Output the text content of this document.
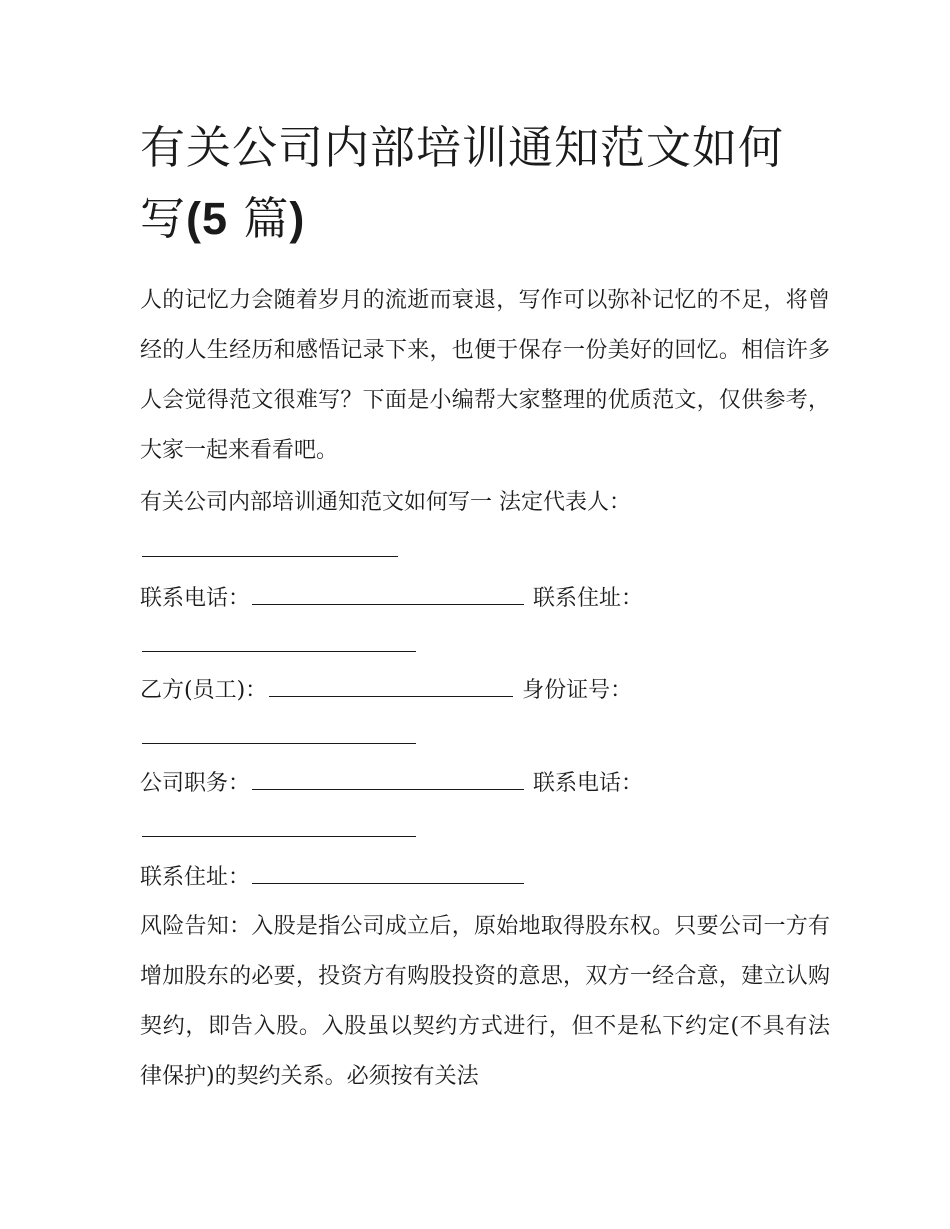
有关公司内部培训通知范文如何写(5 篇)

人的记忆力会随着岁月的流逝而衰退，写作可以弥补记忆的不足，将曾经的人生经历和感悟记录下来，也便于保存一份美好的回忆。相信许多人会觉得范文很难写？下面是小编帮大家整理的优质范文，仅供参考，大家一起来看看吧。

有关公司内部培训通知范文如何写一 法定代表人：
联系电话：	联系住址：
乙方(员工)：	身份证号：
公司职务：	联系电话：
联系住址：

风险告知：入股是指公司成立后，原始地取得股东权。只要公司一方有增加股东的必要，投资方有购股投资的意思，双方一经合意，建立认购契约，即告入股。入股虽以契约方式进行，但不是私下约定(不具有法律保护)的契约关系。必须按有关法
